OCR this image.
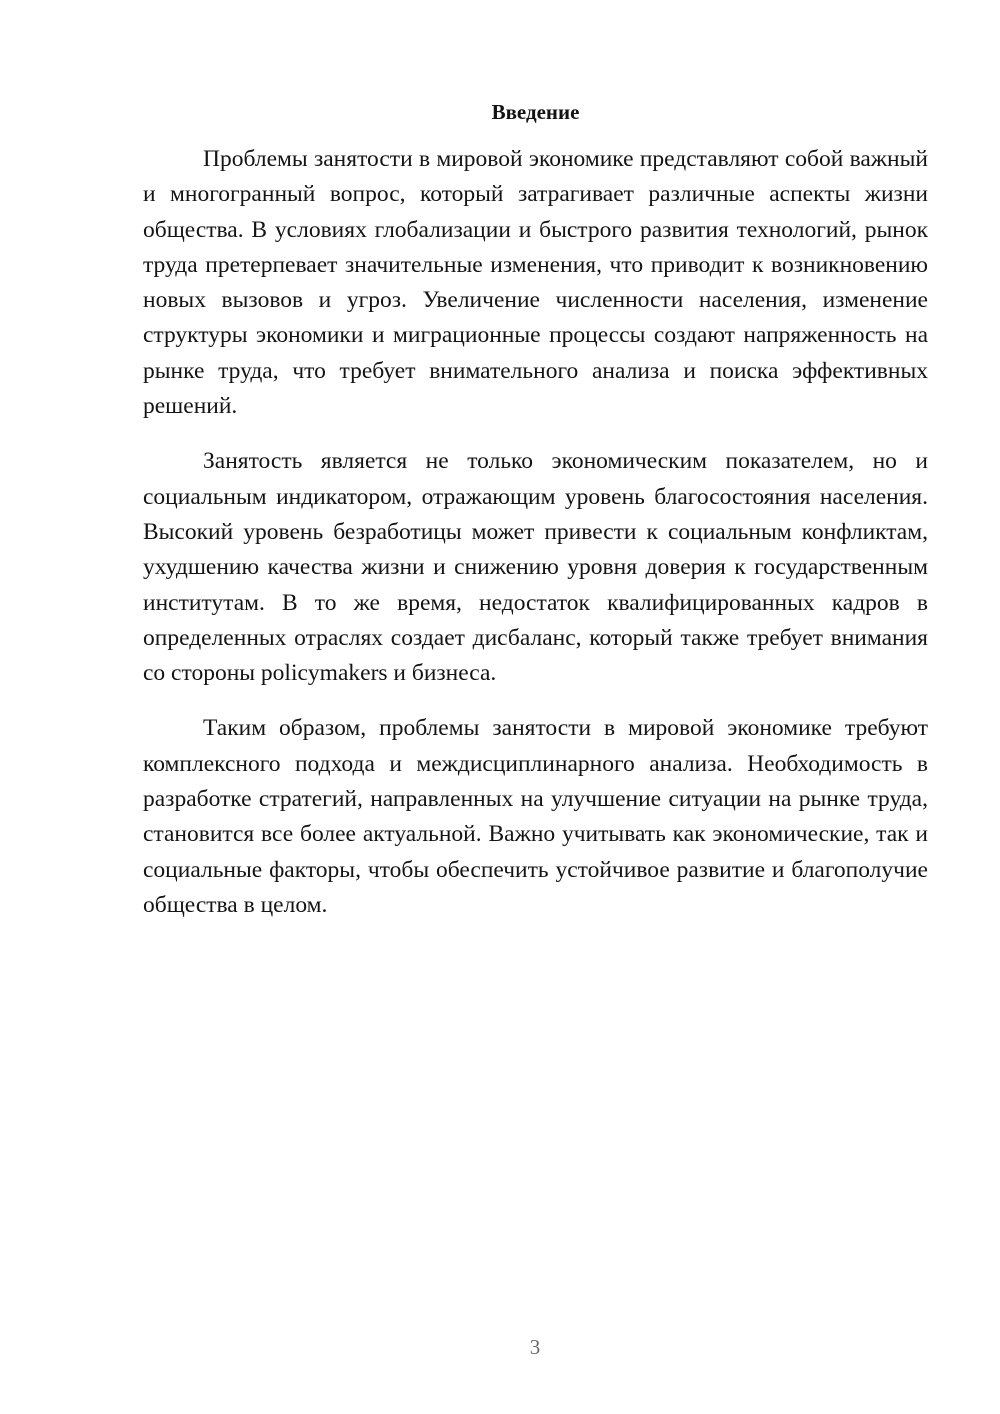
Введение

Проблемы занятости в мировой экономике представляют собой важный и многогранный вопрос, который затрагивает различные аспекты жизни общества. В условиях глобализации и быстрого развития технологий, рынок труда претерпевает значительные изменения, что приводит к возникновению новых вызовов и угроз. Увеличение численности населения, изменение структуры экономики и миграционные процессы создают напряженность на рынке труда, что требует внимательного анализа и поиска эффективных решений.

Занятость является не только экономическим показателем, но и социальным индикатором, отражающим уровень благосостояния населения. Высокий уровень безработицы может привести к социальным конфликтам, ухудшению качества жизни и снижению уровня доверия к государственным институтам. В то же время, недостаток квалифицированных кадров в определенных отраслях создает дисбаланс, который также требует внимания со стороны policymakers и бизнеса.

Таким образом, проблемы занятости в мировой экономике требуют комплексного подхода и междисциплинарного анализа. Необходимость в разработке стратегий, направленных на улучшение ситуации на рынке труда, становится все более актуальной. Важно учитывать как экономические, так и социальные факторы, чтобы обеспечить устойчивое развитие и благополучие общества в целом.

3
